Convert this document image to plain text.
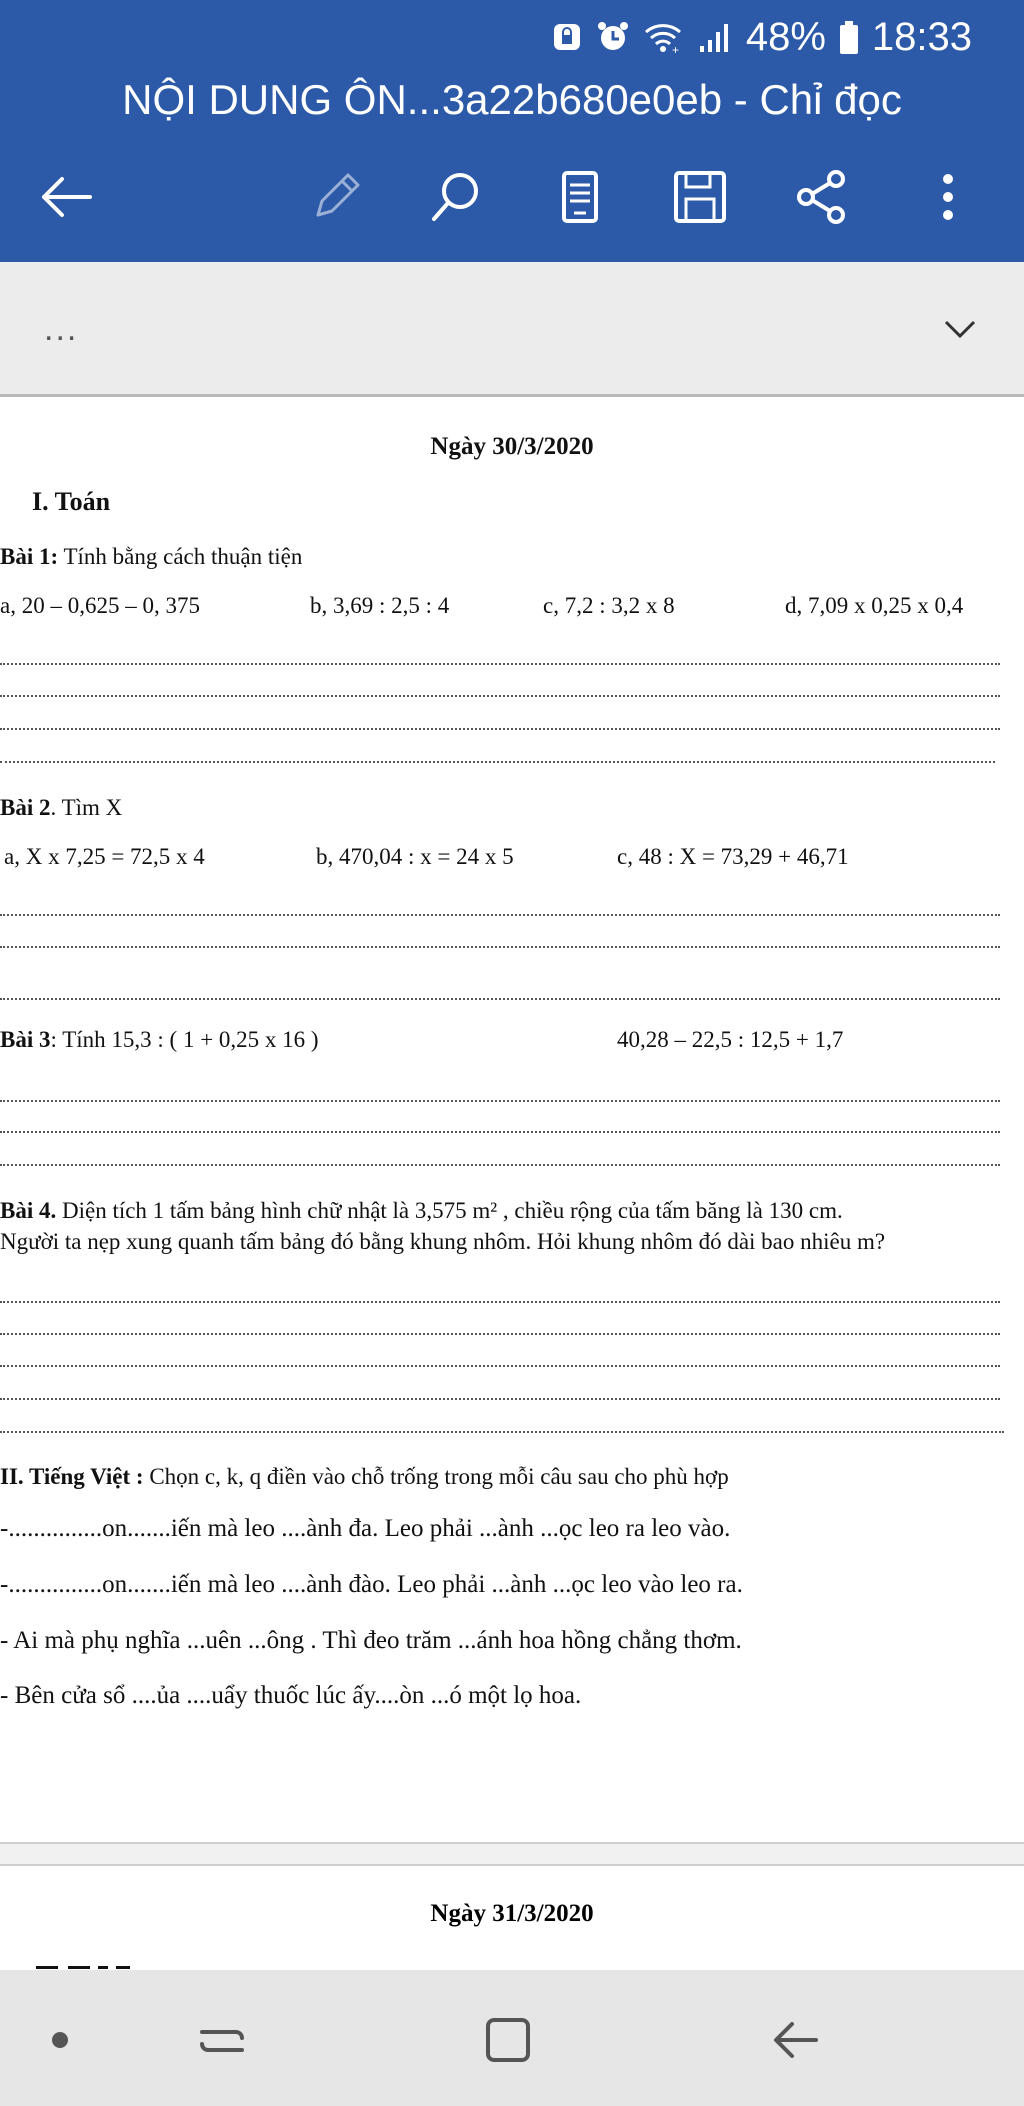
+ 48% 18:33
NỘI DUNG ÔN...3a22b680e0eb - Chỉ đọc
...
Ngày 30/3/2020
I. Toán
Bài 1: Tính bằng cách thuận tiện
a, 20 – 0,625 – 0, 375	b, 3,69 : 2,5 : 4	c, 7,2 : 3,2 x 8	d, 7,09 x 0,25 x 0,4
Bài 2. Tìm X
a, X x 7,25 = 72,5 x 4	b, 470,04 : x = 24 x 5	c, 48 : X = 73,29 + 46,71
Bài 3: Tính 15,3 : ( 1 + 0,25 x 16 )	40,28 – 22,5 : 12,5 + 1,7
Bài 4. Diện tích 1 tấm bảng hình chữ nhật là 3,575 m² , chiều rộng của tấm băng là 130 cm.
Người ta nẹp xung quanh tấm bảng đó bằng khung nhôm. Hỏi khung nhôm đó dài bao nhiêu m?
II. Tiếng Việt : Chọn c, k, q điền vào chỗ trống trong mỗi câu sau cho phù hợp
-...............on.......iến mà leo ....ành đa. Leo phải ...ành ...ọc leo ra leo vào.
-...............on.......iến mà leo ....ành đào. Leo phải ...ành ...ọc leo vào leo ra.
- Ai mà phụ nghĩa ...uên ...ông . Thì đeo trăm ...ánh hoa hồng chẳng thơm.
- Bên cửa sổ ....ủa ....uẩy thuốc lúc ấy....òn ...ó một lọ hoa.
Ngày 31/3/2020
